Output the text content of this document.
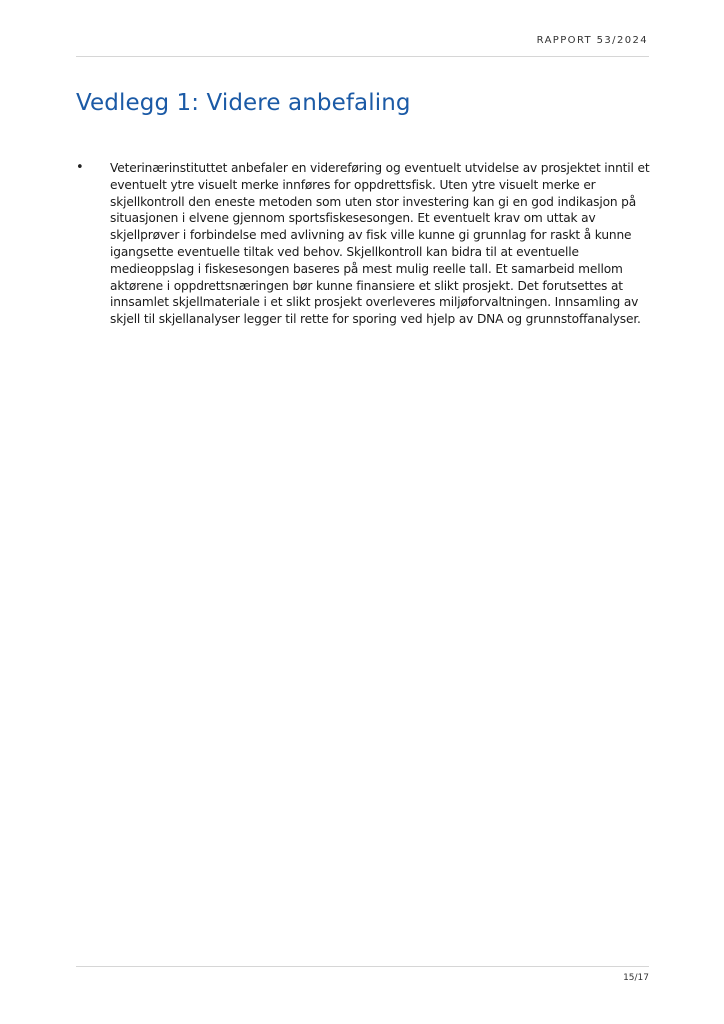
RAPPORT 53/2024
Vedlegg 1: Videre anbefaling
•	Veterinærinstituttet anbefaler en videreføring og eventuelt utvidelse av prosjektet inntil et eventuelt ytre visuelt merke innføres for oppdrettsfisk. Uten ytre visuelt merke er skjellkontroll den eneste metoden som uten stor investering kan gi en god indikasjon på situasjonen i elvene gjennom sportsfiskesesongen. Et eventuelt krav om uttak av skjellprøver i forbindelse med avlivning av fisk ville kunne gi grunnlag for raskt å kunne igangsette eventuelle tiltak ved behov. Skjellkontroll kan bidra til at eventuelle medieoppslag i fiskesesongen baseres på mest mulig reelle tall. Et samarbeid mellom aktørene i oppdrettsnæringen bør kunne finansiere et slikt prosjekt. Det forutsettes at innsamlet skjellmateriale i et slikt prosjekt overleveres miljøforvaltningen. Innsamling av skjell til skjellanalyser legger til rette for sporing ved hjelp av DNA og grunnstoffanalyser.
15/17
